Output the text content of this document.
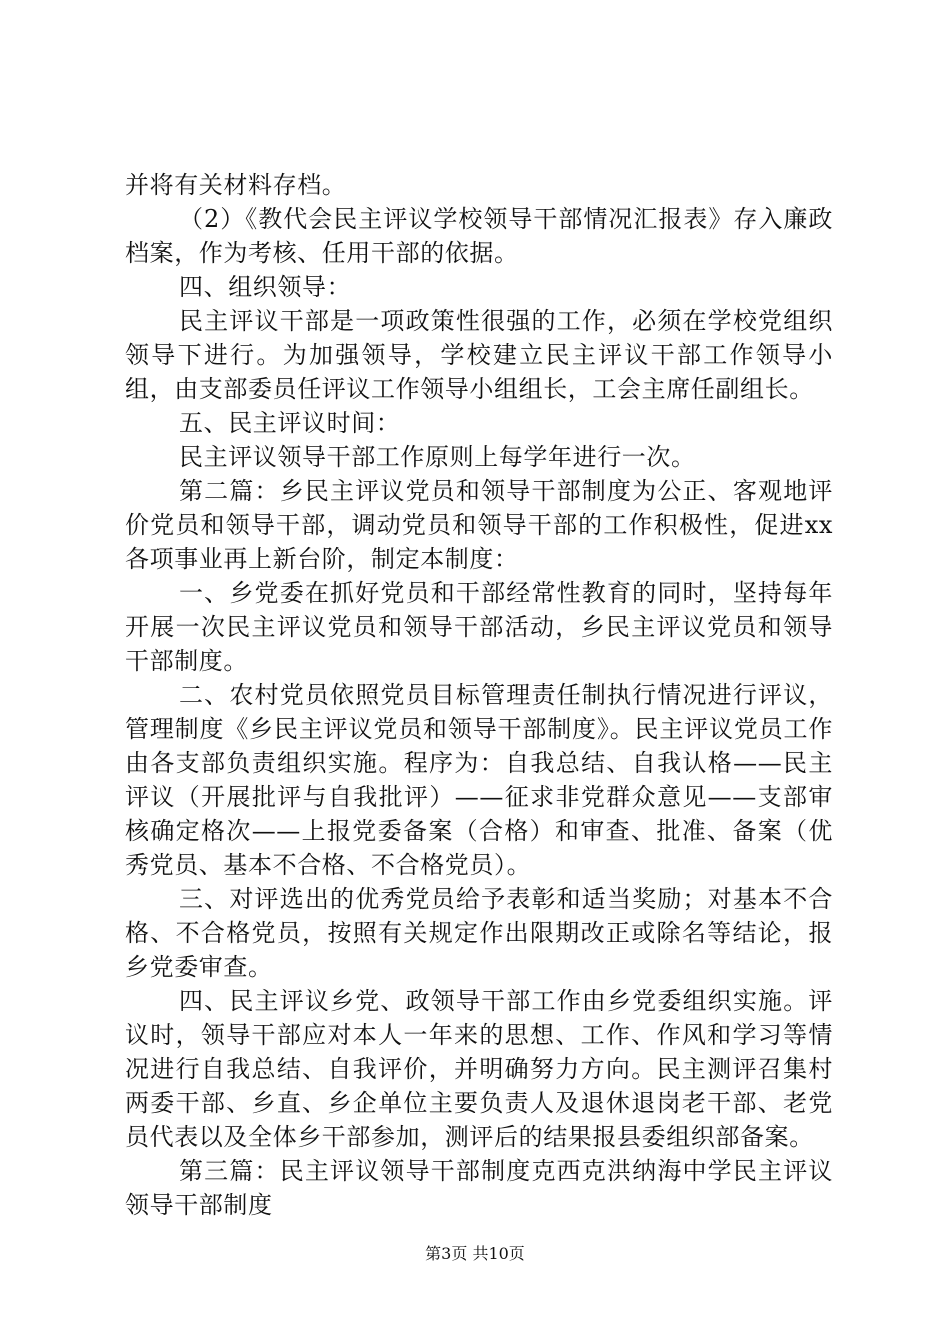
并将有关材料存档。

（2）《教代会民主评议学校领导干部情况汇报表》存入廉政档案，作为考核、任用干部的依据。

四、组织领导：

民主评议干部是一项政策性很强的工作，必须在学校党组织领导下进行。为加强领导，学校建立民主评议干部工作领导小组，由支部委员任评议工作领导小组组长，工会主席任副组长。

五、民主评议时间：

民主评议领导干部工作原则上每学年进行一次。

第二篇：乡民主评议党员和领导干部制度为公正、客观地评价党员和领导干部，调动党员和领导干部的工作积极性，促进xx各项事业再上新台阶，制定本制度：

一、乡党委在抓好党员和干部经常性教育的同时，坚持每年开展一次民主评议党员和领导干部活动，乡民主评议党员和领导干部制度。

二、农村党员依照党员目标管理责任制执行情况进行评议，管理制度《乡民主评议党员和领导干部制度》。民主评议党员工作由各支部负责组织实施。程序为：自我总结、自我认格——民主评议（开展批评与自我批评）——征求非党群众意见——支部审核确定格次——上报党委备案（合格）和审查、批准、备案（优秀党员、基本不合格、不合格党员）。

三、对评选出的优秀党员给予表彰和适当奖励；对基本不合格、不合格党员，按照有关规定作出限期改正或除名等结论，报乡党委审查。

四、民主评议乡党、政领导干部工作由乡党委组织实施。评议时，领导干部应对本人一年来的思想、工作、作风和学习等情况进行自我总结、自我评价，并明确努力方向。民主测评召集村两委干部、乡直、乡企单位主要负责人及退休退岗老干部、老党员代表以及全体乡干部参加，测评后的结果报县委组织部备案。

第三篇：民主评议领导干部制度克西克洪纳海中学民主评议领导干部制度

第3页 共10页
